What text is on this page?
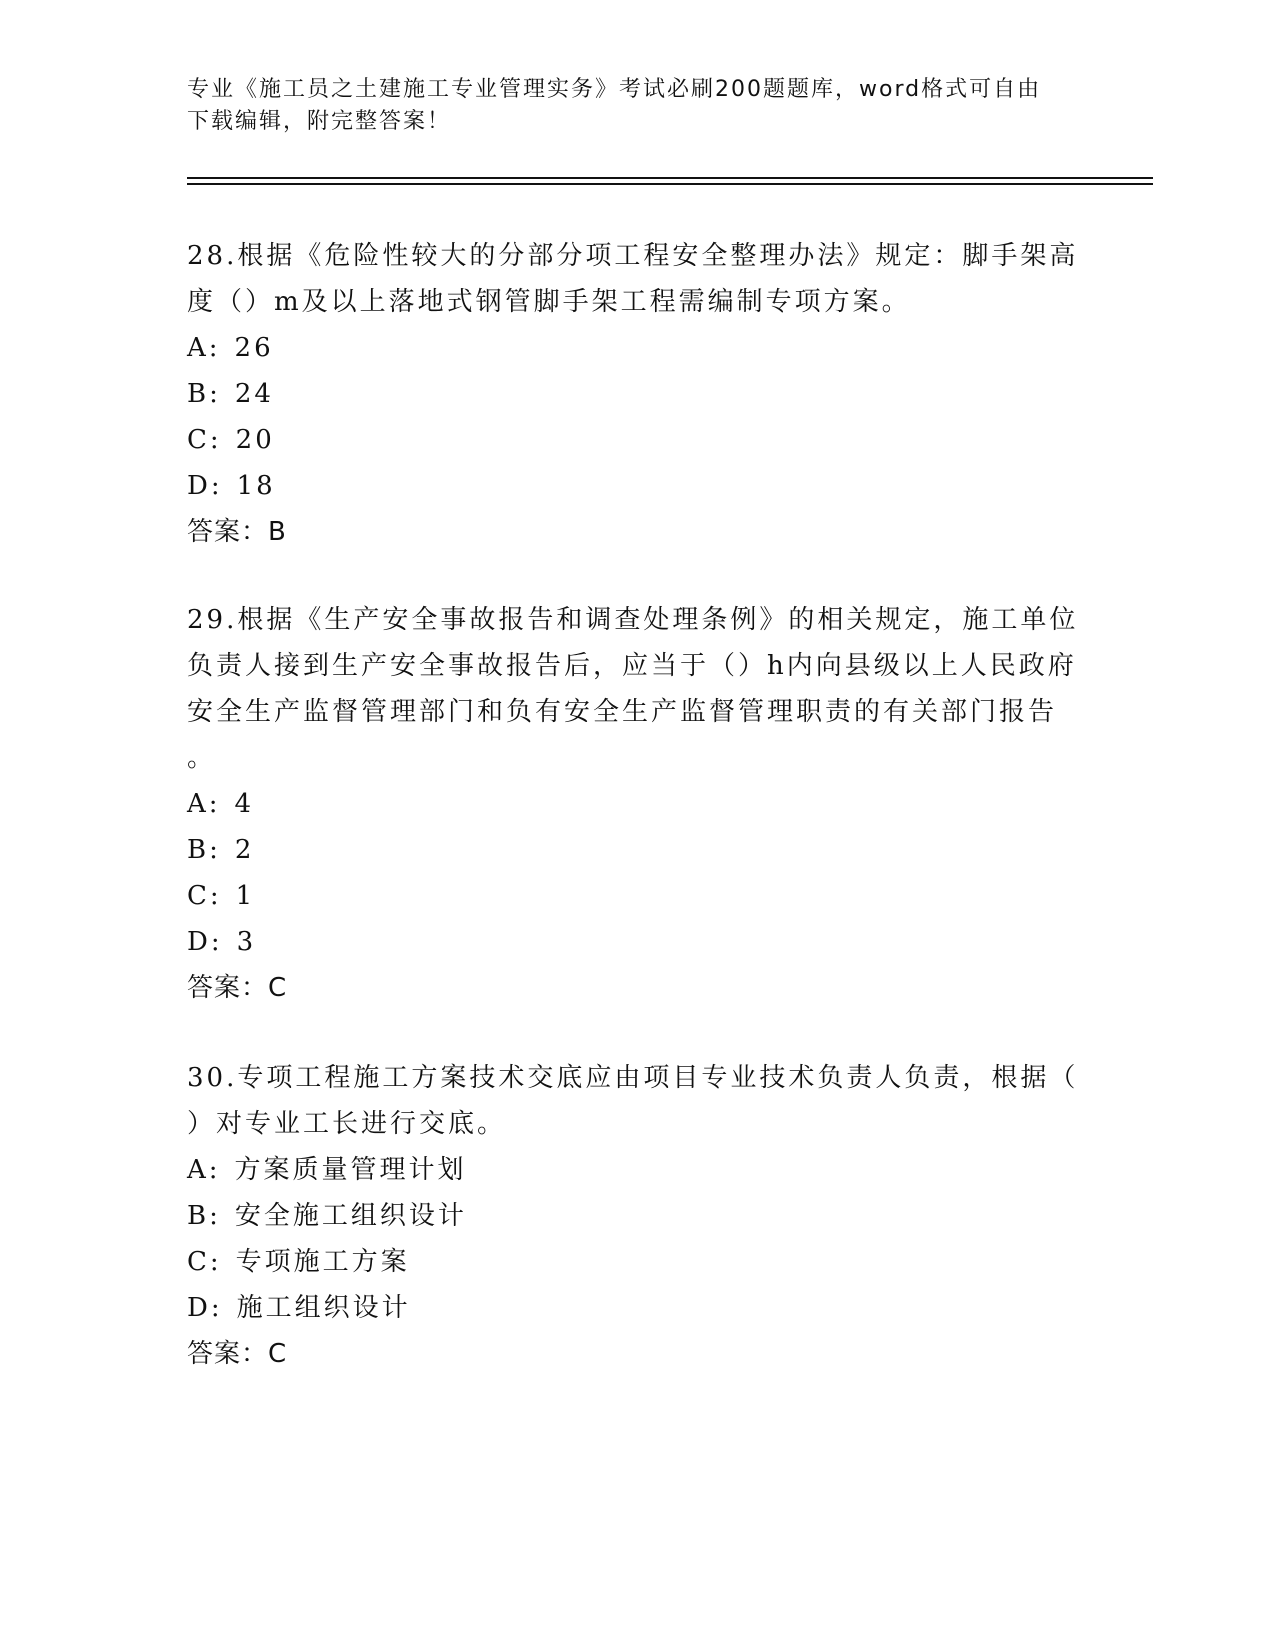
专业《施工员之土建施工专业管理实务》考试必刷200题题库，word格式可自由
下载编辑，附完整答案！

28.根据《危险性较大的分部分项工程安全整理办法》规定：脚手架高

度（）m及以上落地式钢管脚手架工程需编制专项方案。

A: 26
B: 24
C: 20
D: 18

答案：B

29.根据《生产安全事故报告和调查处理条例》的相关规定，施工单位

负责人接到生产安全事故报告后，应当于（）h内向县级以上人民政府

安全生产监督管理部门和负有安全生产监督管理职责的有关部门报告

。

A: 4
B: 2
C: 1
D: 3

答案：C

30.专项工程施工方案技术交底应由项目专业技术负责人负责，根据（

）对专业工长进行交底。

A: 方案质量管理计划
B: 安全施工组织设计
C: 专项施工方案
D: 施工组织设计

答案：C
